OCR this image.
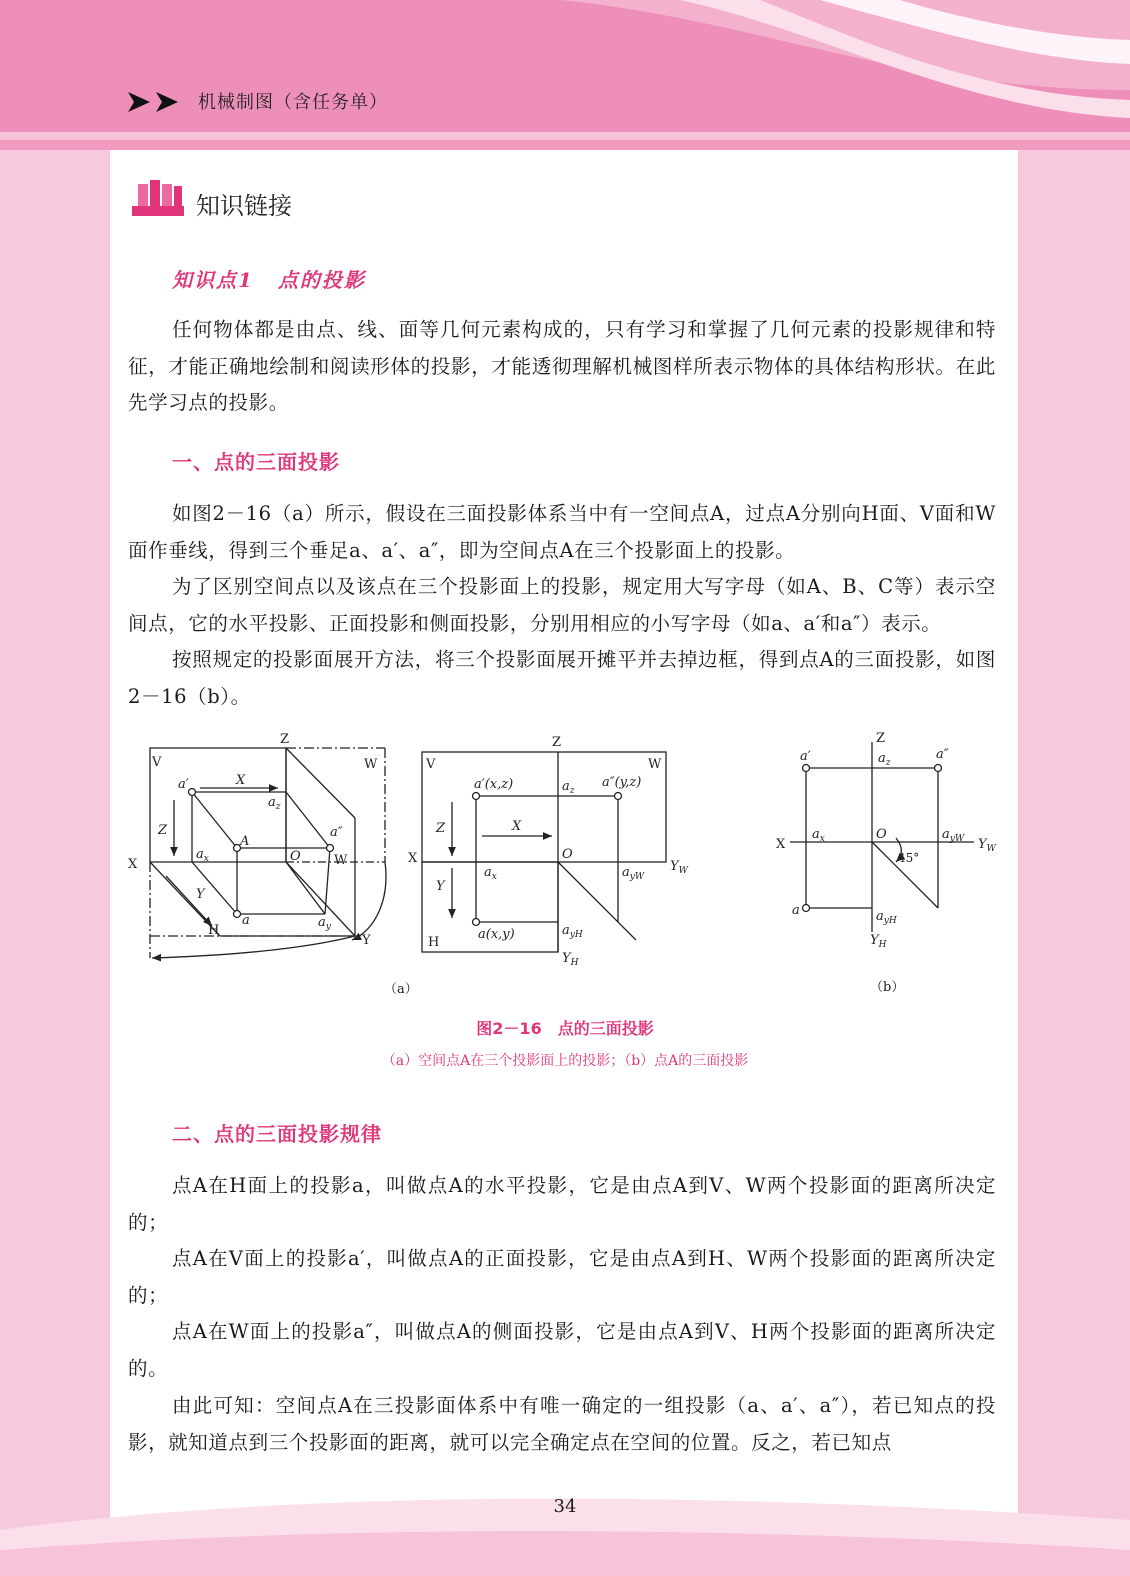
机械制图（含任务单）
知识链接
知识点1 点的投影
任何物体都是由点、线、面等几何元素构成的，只有学习和掌握了几何元素的投影规律和特征，才能正确地绘制和阅读形体的投影，才能透彻理解机械图样所表示物体的具体结构形状。在此先学习点的投影。
一、点的三面投影
如图2－16（a）所示，假设在三面投影体系当中有一空间点A，过点A分别向H面、V面和W面作垂线，得到三个垂足a、a′、a″，即为空间点A在三个投影面上的投影。
为了区别空间点以及该点在三个投影面上的投影，规定用大写字母（如A、B、C等）表示空间点，它的水平投影、正面投影和侧面投影，分别用相应的小写字母（如a、a′和a″）表示。
按照规定的投影面展开方法，将三个投影面展开摊平并去掉边框，得到点A的三面投影，如图2－16（b）。
V	W
Z
X
Y
H
a′	X
$a_z$
Z
A
$a_x$	O
a″
W
Y
a	$a_y$
V	W
Z
X
a′(x,z)	$a_z$
a″(y,z)
X
Z
Y
O
$a_x$	$a_{yW}$
$Y_W$
a(x,y)	$a_{yH}$
$Y_H$
H
Z
a′	$a_z$
a″
X
$a_x$	O	$a_{yW}$ $Y_W$
45°
a	$a_{yH}$
$Y_H$
（a）	（b）
图2－16　点的三面投影
（a）空间点A在三个投影面上的投影；（b）点A的三面投影
二、点的三面投影规律
点A在H面上的投影a，叫做点A的水平投影，它是由点A到V、W两个投影面的距离所决定的；
点A在V面上的投影a′，叫做点A的正面投影，它是由点A到H、W两个投影面的距离所决定的；
点A在W面上的投影a″，叫做点A的侧面投影，它是由点A到V、H两个投影面的距离所决定的。
由此可知：空间点A在三投影面体系中有唯一确定的一组投影（a、a′、a″），若已知点的投影，就知道点到三个投影面的距离，就可以完全确定点在空间的位置。反之，若已知点
34
